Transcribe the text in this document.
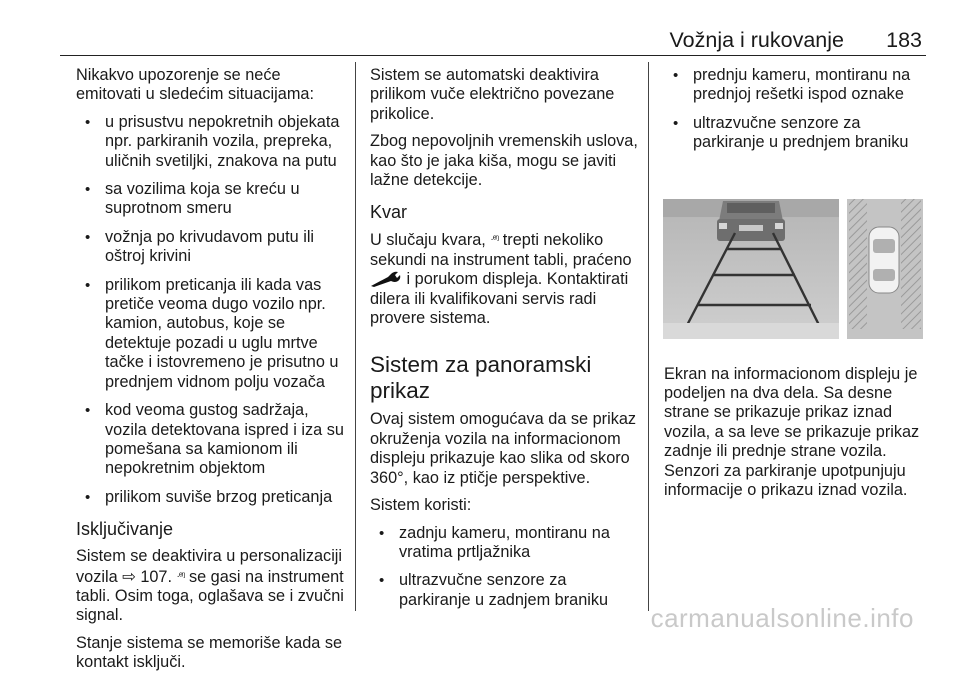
Vožnja i rukovanje 183

Nikakvo upozorenje se neće emitovati u sledećim situacijama:

• u prisustvu nepokretnih objekata npr. parkiranih vozila, prepreka, uličnih svetiljki, znakova na putu
• sa vozilima koja se kreću u suprotnom smeru
• vožnja po krivudavom putu ili oštroj krivini
• prilikom preticanja ili kada vas pretiče veoma dugo vozilo npr. kamion, autobus, koje se detektuje pozadi u uglu mrtve tačke i istovremeno je prisutno u prednjem vidnom polju vozača
• kod veoma gustog sadržaja, vozila detektovana ispred i iza su pomešana sa kamionom ili nepokretnim objektom
• prilikom suviše brzog preticanja
Isključivanje

Sistem se deaktivira u personalizaciji vozila ⇨ 107. ·ᵉᵑ se gasi na instrument tabli. Osim toga, oglašava se i zvučni signal.

Stanje sistema se memoriše kada se kontakt isključi.

Sistem se automatski deaktivira prilikom vuče električno povezane prikolice.

Zbog nepovoljnih vremenskih uslova, kao što je jaka kiša, mogu se javiti lažne detekcije.

Kvar

U slučaju kvara, ·ᵉᵑ trepti nekoliko sekundi na instrument tabli, praćeno  i porukom displeja. Kontaktirati dilera ili kvalifikovani servis radi provere sistema.

Sistem za panoramski prikaz

Ovaj sistem omogućava da se prikaz okruženja vozila na informacionom displeju prikazuje kao slika od skoro 360°, kao iz ptičje perspektive.

Sistem koristi:

• zadnju kameru, montiranu na vratima prtljažnika
• ultrazvučne senzore za parkiranje u zadnjem braniku
• prednju kameru, montiranu na prednjoj rešetki ispod oznake
• ultrazvučne senzore za parkiranje u prednjem braniku

Ekran na informacionom displeju je podeljen na dva dela. Sa desne strane se prikazuje prikaz iznad vozila, a sa leve se prikazuje prikaz zadnje ili prednje strane vozila. Senzori za parkiranje upotpunjuju informacije o prikazu iznad vozila.

carmanualsonline.info
